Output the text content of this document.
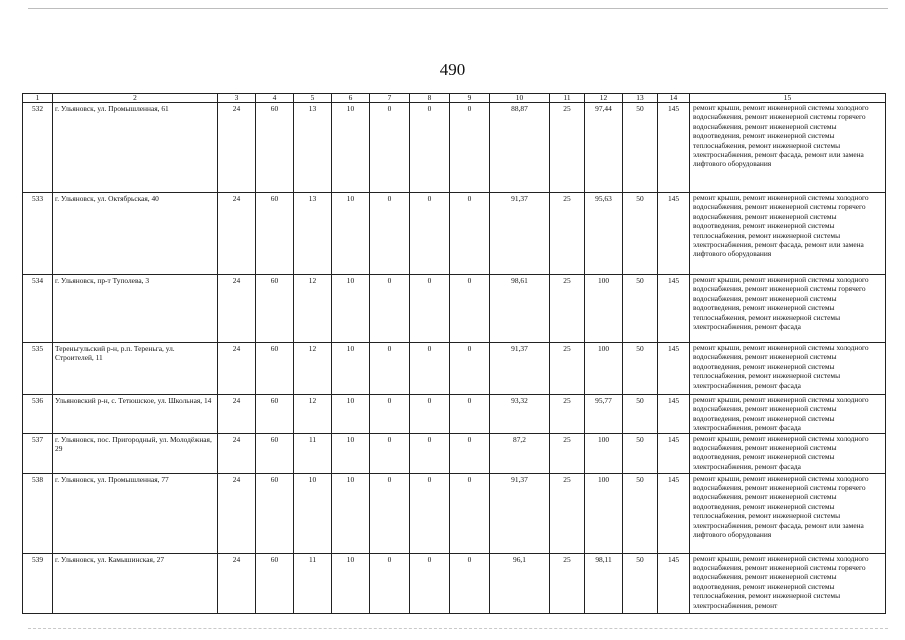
490
1	2	3	4	5	6	7	8	9	10	11	12	13	14	15
532	г. Ульяновск, ул. Промышленная, 61	24	60	13	10	0	0	0	88,87	25	97,44	50	145	ремонт крыши, ремонт инженерной системы холодного водоснабжения, ремонт инженерной системы горячего водоснабжения, ремонт инженерной системы водоотведения, ремонт инженерной системы теплоснабжения, ремонт инженерной системы электроснабжения, ремонт фасада, ремонт или замена лифтового оборудования
533	г. Ульяновск, ул. Октябрьская, 40	24	60	13	10	0	0	0	91,37	25	95,63	50	145	ремонт крыши, ремонт инженерной системы холодного водоснабжения, ремонт инженерной системы горячего водоснабжения, ремонт инженерной системы водоотведения, ремонт инженерной системы теплоснабжения, ремонт инженерной системы электроснабжения, ремонт фасада, ремонт или замена лифтового оборудования
534	г. Ульяновск, пр-т Туполева, 3	24	60	12	10	0	0	0	98,61	25	100	50	145	ремонт крыши, ремонт инженерной системы холодного водоснабжения, ремонт инженерной системы горячего водоснабжения, ремонт инженерной системы водоотведения, ремонт инженерной системы теплоснабжения, ремонт инженерной системы электроснабжения, ремонт фасада
535	Тереньгульский р-н, р.п. Тереньга, ул. Строителей, 11	24	60	12	10	0	0	0	91,37	25	100	50	145	ремонт крыши, ремонт инженерной системы холодного водоснабжения, ремонт инженерной системы водоотведения, ремонт инженерной системы теплоснабжения, ремонт инженерной системы электроснабжения, ремонт фасада
536	Ульяновский р-н, с. Тетюшское, ул. Школьная, 14	24	60	12	10	0	0	0	93,32	25	95,77	50	145	ремонт крыши, ремонт инженерной системы холодного водоснабжения, ремонт инженерной системы водоотведения, ремонт инженерной системы электроснабжения, ремонт фасада
537	г. Ульяновск, пос. Пригородный, ул. Молодёжная, 29	24	60	11	10	0	0	0	87,2	25	100	50	145	ремонт крыши, ремонт инженерной системы холодного водоснабжения, ремонт инженерной системы водоотведения, ремонт инженерной системы электроснабжения, ремонт фасада
538	г. Ульяновск, ул. Промышленная, 77	24	60	10	10	0	0	0	91,37	25	100	50	145	ремонт крыши, ремонт инженерной системы холодного водоснабжения, ремонт инженерной системы горячего водоснабжения, ремонт инженерной системы водоотведения, ремонт инженерной системы теплоснабжения, ремонт инженерной системы электроснабжения, ремонт фасада, ремонт или замена лифтового оборудования
539	г. Ульяновск, ул. Камышинская, 27	24	60	11	10	0	0	0	96,1	25	98,11	50	145	ремонт крыши, ремонт инженерной системы холодного водоснабжения, ремонт инженерной системы горячего водоснабжения, ремонт инженерной системы водоотведения, ремонт инженерной системы теплоснабжения, ремонт инженерной системы электроснабжения, ремонт
